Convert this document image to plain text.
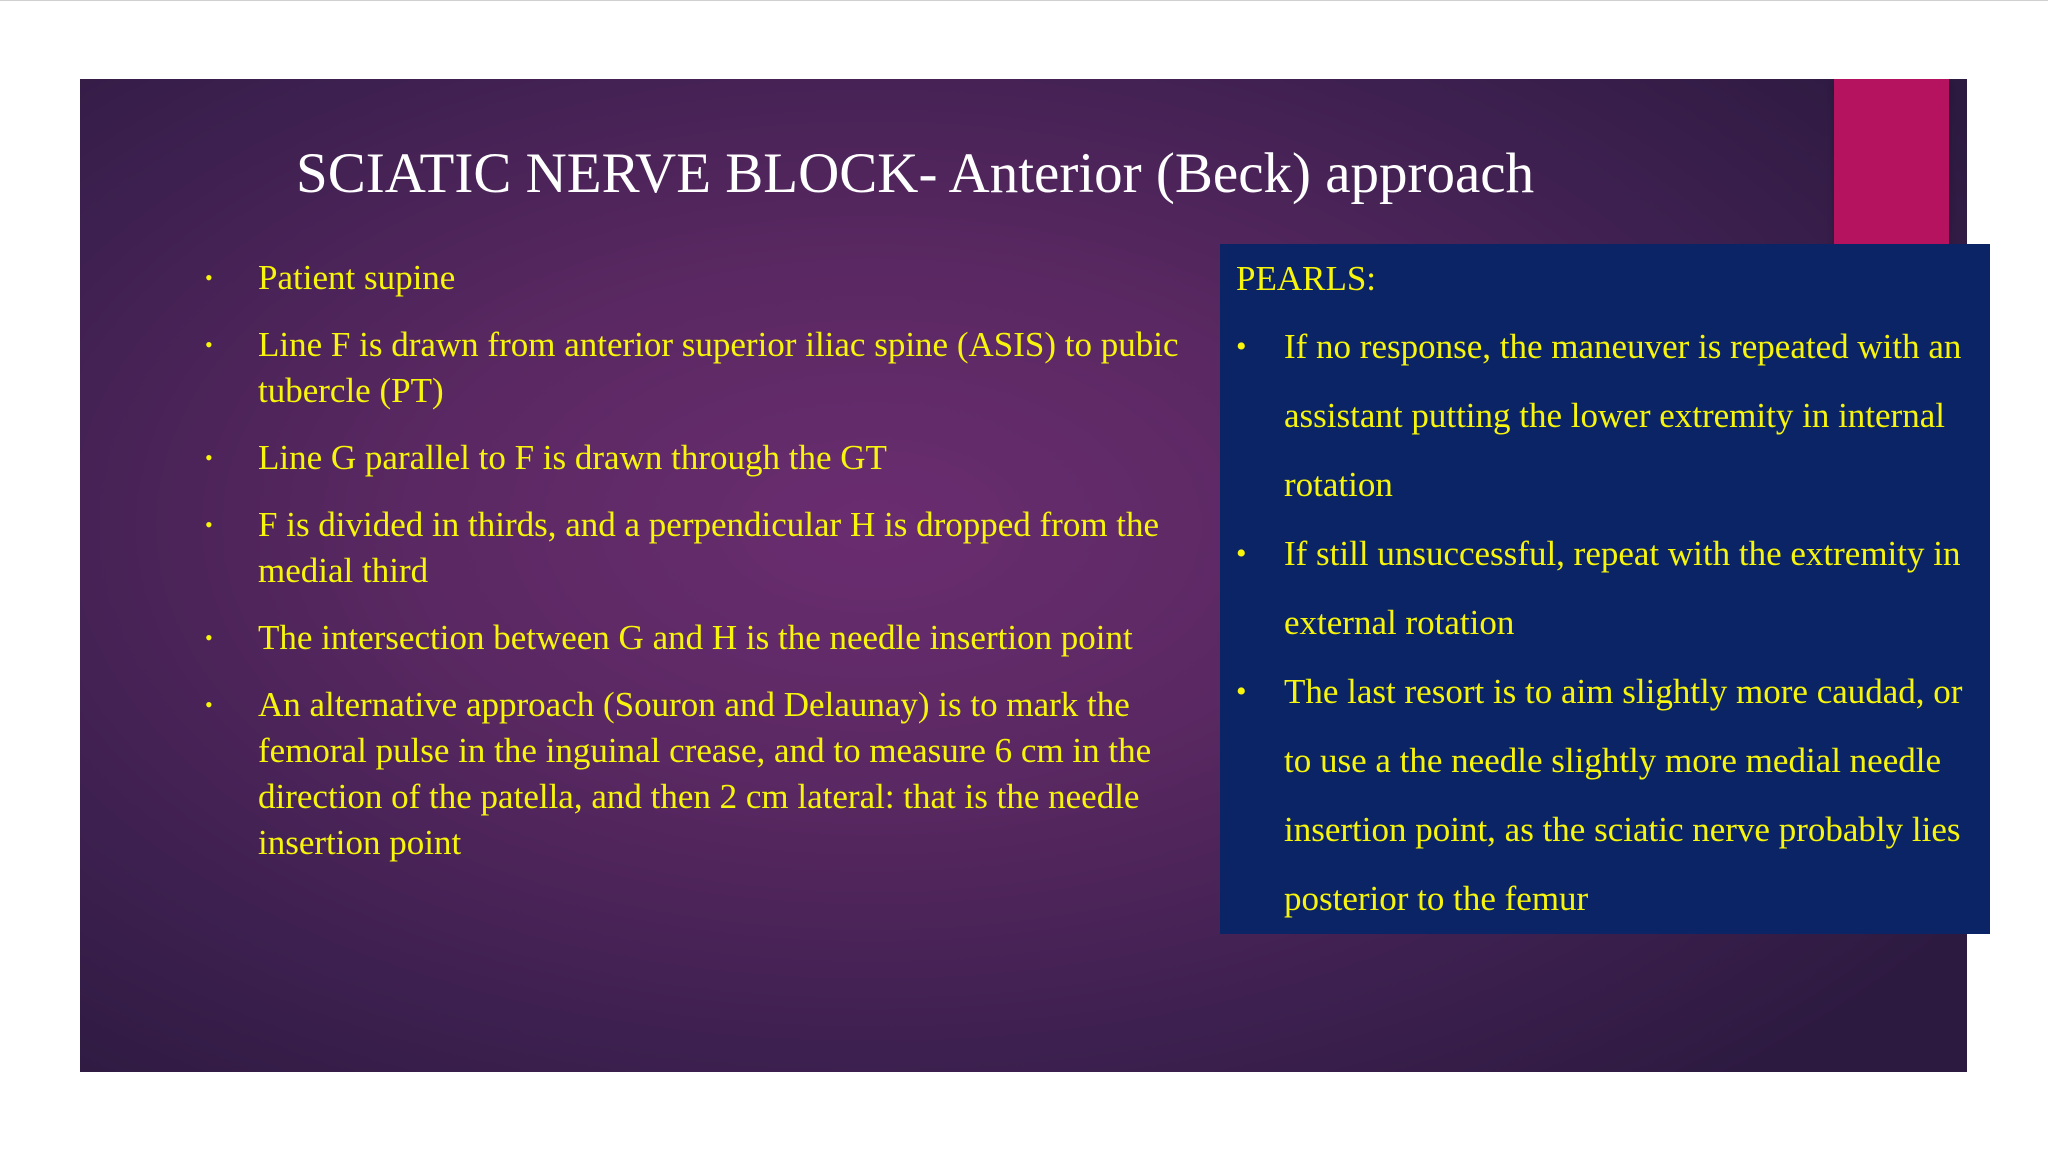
SCIATIC NERVE BLOCK- Anterior (Beck) approach
• Patient supine
• Line F is drawn from anterior superior iliac spine (ASIS) to pubic tubercle (PT)
• Line G parallel to F is drawn through the GT
• F is divided in thirds, and a perpendicular H is dropped from the medial third
• The intersection between G and H is the needle insertion point
• An alternative approach (Souron and Delaunay) is to mark the femoral pulse in the inguinal crease, and to measure 6 cm in the direction of the patella, and then 2 cm lateral: that is the needle insertion point
PEARLS:
• If no response, the maneuver is repeated with an assistant putting the lower extremity in internal rotation
• If still unsuccessful, repeat with the extremity in external rotation
• The last resort is to aim slightly more caudad, or to use a the needle slightly more medial needle insertion point, as the sciatic nerve probably lies posterior to the femur
